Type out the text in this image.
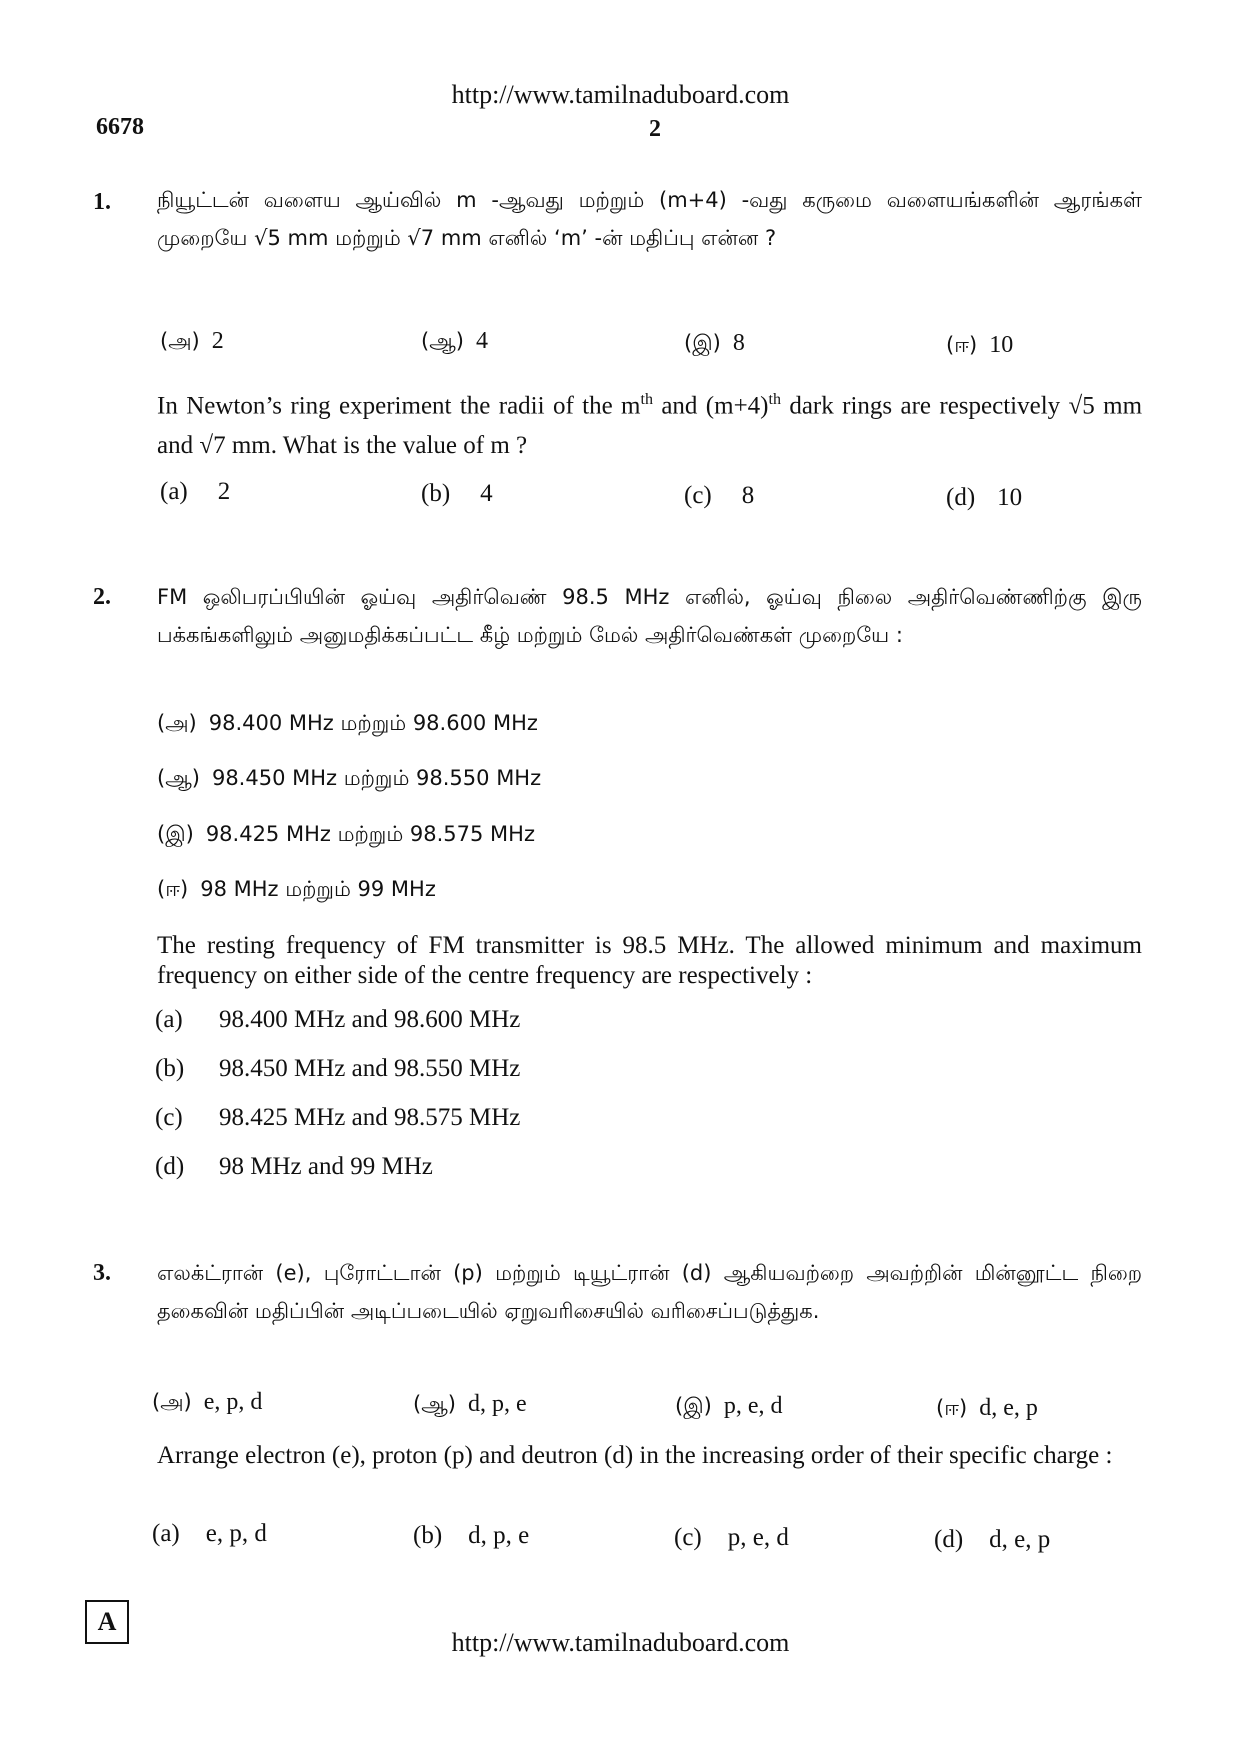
http://www.tamilnaduboard.com
6678	2
1. நியூட்டன் வளைய ஆய்வில் m -ஆவது மற்றும் (m+4) -வது கருமை வளையங்களின் ஆரங்கள் முறையே √5 mm மற்றும் √7 mm எனில் ‘m’ -ன் மதிப்பு என்ன ?
(அ) 2	(ஆ) 4	(இ) 8	(ஈ) 10
In Newton’s ring experiment the radii of the $m^{th}$ and $(m+4)^{th}$ dark rings are respectively √5 mm and √7 mm. What is the value of m ?
(a) 2	(b) 4	(c) 8	(d) 10
2. FM ஒலிபரப்பியின் ஓய்வு அதிர்வெண் 98.5 MHz எனில், ஓய்வு நிலை அதிர்வெண்ணிற்கு இரு பக்கங்களிலும் அனுமதிக்கப்பட்ட கீழ் மற்றும் மேல் அதிர்வெண்கள் முறையே :
(அ) 98.400 MHz மற்றும் 98.600 MHz
(ஆ) 98.450 MHz மற்றும் 98.550 MHz
(இ) 98.425 MHz மற்றும் 98.575 MHz
(ஈ) 98 MHz மற்றும் 99 MHz
The resting frequency of FM transmitter is 98.5 MHz. The allowed minimum and maximum frequency on either side of the centre frequency are respectively :
(a) 98.400 MHz and 98.600 MHz
(b) 98.450 MHz and 98.550 MHz
(c) 98.425 MHz and 98.575 MHz
(d) 98 MHz and 99 MHz
3. எலக்ட்ரான் (e), புரோட்டான் (p) மற்றும் டியூட்ரான் (d) ஆகியவற்றை அவற்றின் மின்னூட்ட நிறை தகைவின் மதிப்பின் அடிப்படையில் ஏறுவரிசையில் வரிசைப்படுத்துக.
(அ) e, p, d	(ஆ) d, p, e	(இ) p, e, d	(ஈ) d, e, p
Arrange electron (e), proton (p) and deutron (d) in the increasing order of their specific charge :
(a) e, p, d	(b) d, p, e	(c) p, e, d	(d) d, e, p
A
http://www.tamilnaduboard.com
